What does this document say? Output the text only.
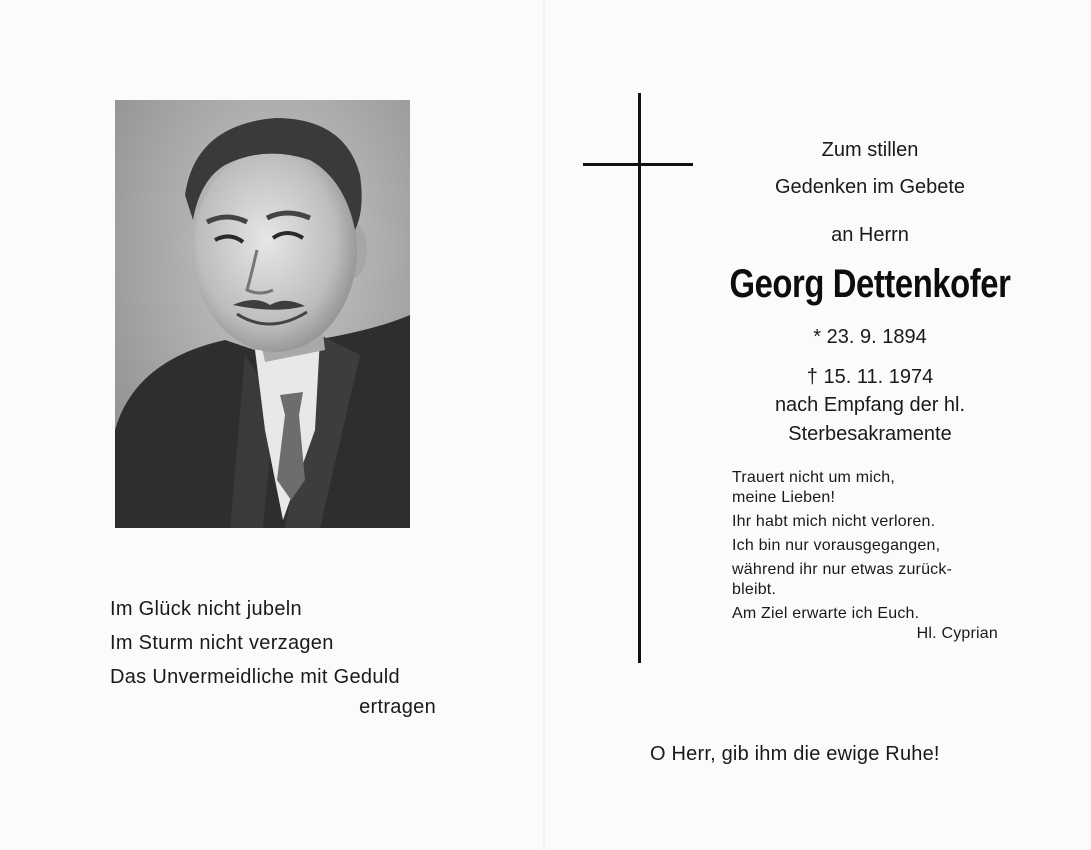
Im Glück nicht jubeln
Im Sturm nicht verzagen
Das Unvermeidliche mit Geduld
ertragen
Zum stillen
Gedenken im Gebete
an Herrn
Georg Dettenkofer
* 23. 9. 1894
† 15. 11. 1974
nach Empfang der hl.
Sterbesakramente
Trauert nicht um mich,
meine Lieben!
Ihr habt mich nicht verloren.
Ich bin nur vorausgegangen,
während ihr nur etwas zurück-
bleibt.
Am Ziel erwarte ich Euch.
Hl. Cyprian
O Herr, gib ihm die ewige Ruhe!
